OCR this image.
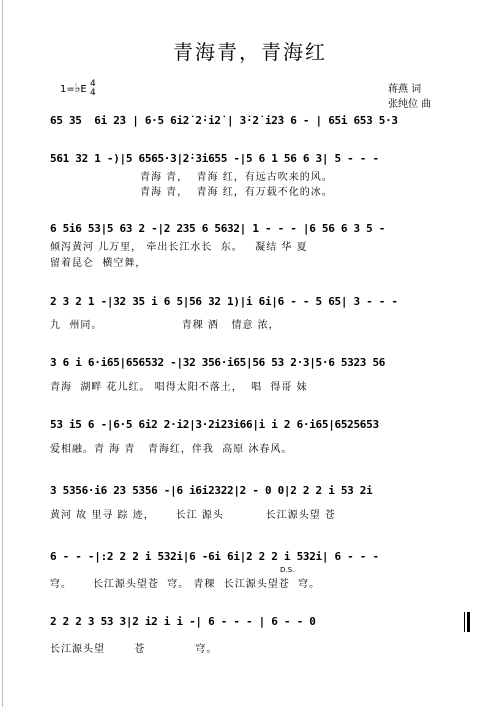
青海青，青海红
1=♭E 4
4	蒋燕 词
张纯位 曲
65 35  6i 2̇3 | 6·5 6i2̇ 2̇·i2̇ | 3̇·2̇ i2̇3 6 - | 65i 653 5·3
561 32 1 -)|5 6565·3|2̇·3i655 -|5 6 1 56 6 3| 5 - - -
青海 青，  青海 红，有远古吹来的风。
青海 青，  青海 红，有万载不化的冰。
6 5i6 53|5 63 2 -|2 235 6 5632| 1 - - - |6 56 6 3 5 -
倾泻黄河 儿万里， 牵出长江水长  东。   凝结 华 夏
留着昆仑  横空舞，
2 3 2 1 -|32 35 i 6 5|56 32 1)|i 6i|6 - - 5 65| 3 - - -
九  州同。                   青稞 酒   情意 浓，
3 6 i 6·i65|656532 -|32 356·i65|56 53 2·3|5·6 5323 56
青海  湖畔 花儿红。 唱得太阳不落土，  唱  得哥 妹
53 i5 6 -|6·5 6i2 2·i2|3·2i23i66|i i 2 6·i65|6525653
爱相融。青 海 青   青海红，伴我  高原 沐春风。
3 5356·i6 23 5356 -|6 i6i2322|2 - 0 0|2 2 2 i 53 2i
黄河 故 里寻 踪 迹，     长江 源头          长江源头望 苍
6 - - -|:2 2 2 i 532i|6 -6i 6i|2 2 2 i 532i| 6 - - -
D.S.
穹。     长江源头望苍  穹。 青稞  长江源头望苍  穹。
2 2 2 3 53 3|2 i2 i i -| 6 - - - | 6 - - 0
长江源头望       苍            穹。
